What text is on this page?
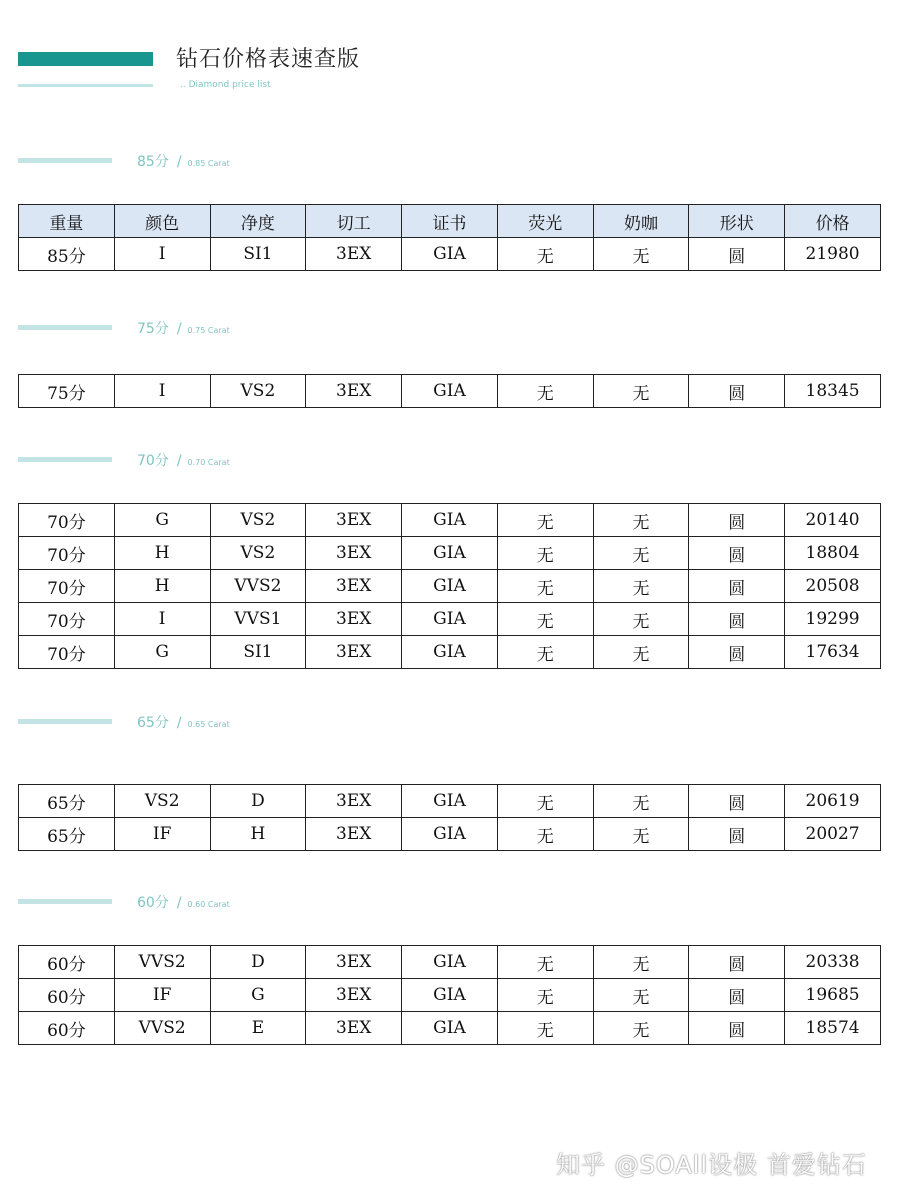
钻石价格表速查版
.. Diamond price list
85分 / 0.85 Carat
重量	颜色	净度	切工	证书	荧光	奶咖	形状	价格
85分	I	SI1	3EX	GIA	无	无	圆	21980
75分 / 0.75 Carat
75分	I	VS2	3EX	GIA	无	无	圆	18345
70分 / 0.70 Carat
70分	G	VS2	3EX	GIA	无	无	圆	20140
70分	H	VS2	3EX	GIA	无	无	圆	18804
70分	H	VVS2	3EX	GIA	无	无	圆	20508
70分	I	VVS1	3EX	GIA	无	无	圆	19299
70分	G	SI1	3EX	GIA	无	无	圆	17634
65分 / 0.65 Carat
65分	VS2	D	3EX	GIA	无	无	圆	20619
65分	IF	H	3EX	GIA	无	无	圆	20027
60分 / 0.60 Carat
60分	VVS2	D	3EX	GIA	无	无	圆	20338
60分	IF	G	3EX	GIA	无	无	圆	19685
60分	VVS2	E	3EX	GIA	无	无	圆	18574
知乎 @SOAll设极 首爱钻石
